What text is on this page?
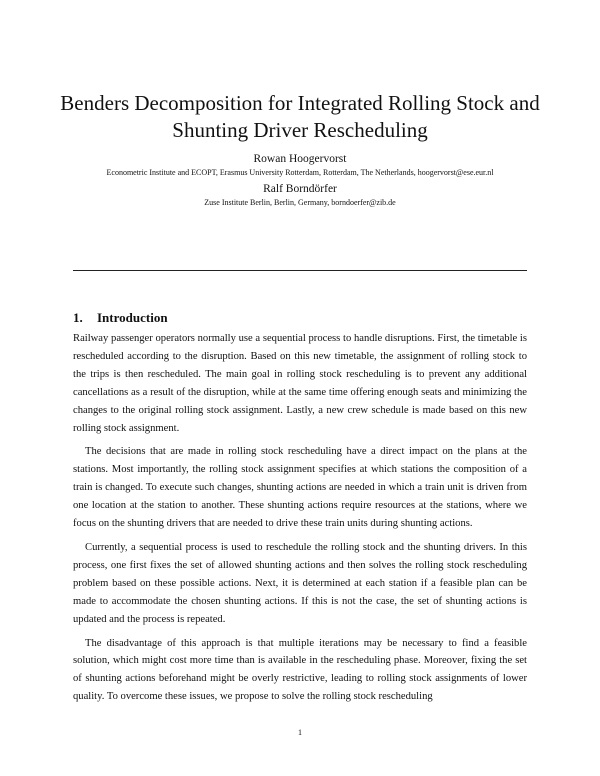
Benders Decomposition for Integrated Rolling Stock and Shunting Driver Rescheduling
Rowan Hoogervorst
Econometric Institute and ECOPT, Erasmus University Rotterdam, Rotterdam, The Netherlands, hoogervorst@ese.eur.nl
Ralf Borndörfer
Zuse Institute Berlin, Berlin, Germany, borndoerfer@zib.de
1. Introduction

Railway passenger operators normally use a sequential process to handle disruptions. First, the timetable is rescheduled according to the disruption. Based on this new timetable, the assignment of rolling stock to the trips is then rescheduled. The main goal in rolling stock rescheduling is to prevent any additional cancellations as a result of the disruption, while at the same time offering enough seats and minimizing the changes to the original rolling stock assignment. Lastly, a new crew schedule is made based on this new rolling stock assignment.

The decisions that are made in rolling stock rescheduling have a direct impact on the plans at the stations. Most importantly, the rolling stock assignment specifies at which stations the composition of a train is changed. To execute such changes, shunting actions are needed in which a train unit is driven from one location at the station to another. These shunting actions require resources at the stations, where we focus on the shunting drivers that are needed to drive these train units during shunting actions.

Currently, a sequential process is used to reschedule the rolling stock and the shunting drivers. In this process, one first fixes the set of allowed shunting actions and then solves the rolling stock rescheduling problem based on these possible actions. Next, it is determined at each station if a feasible plan can be made to accommodate the chosen shunting actions. If this is not the case, the set of shunting actions is updated and the process is repeated.

The disadvantage of this approach is that multiple iterations may be necessary to find a feasible solution, which might cost more time than is available in the rescheduling phase. Moreover, fixing the set of shunting actions beforehand might be overly restrictive, leading to rolling stock assignments of lower quality. To overcome these issues, we propose to solve the rolling stock rescheduling

1
